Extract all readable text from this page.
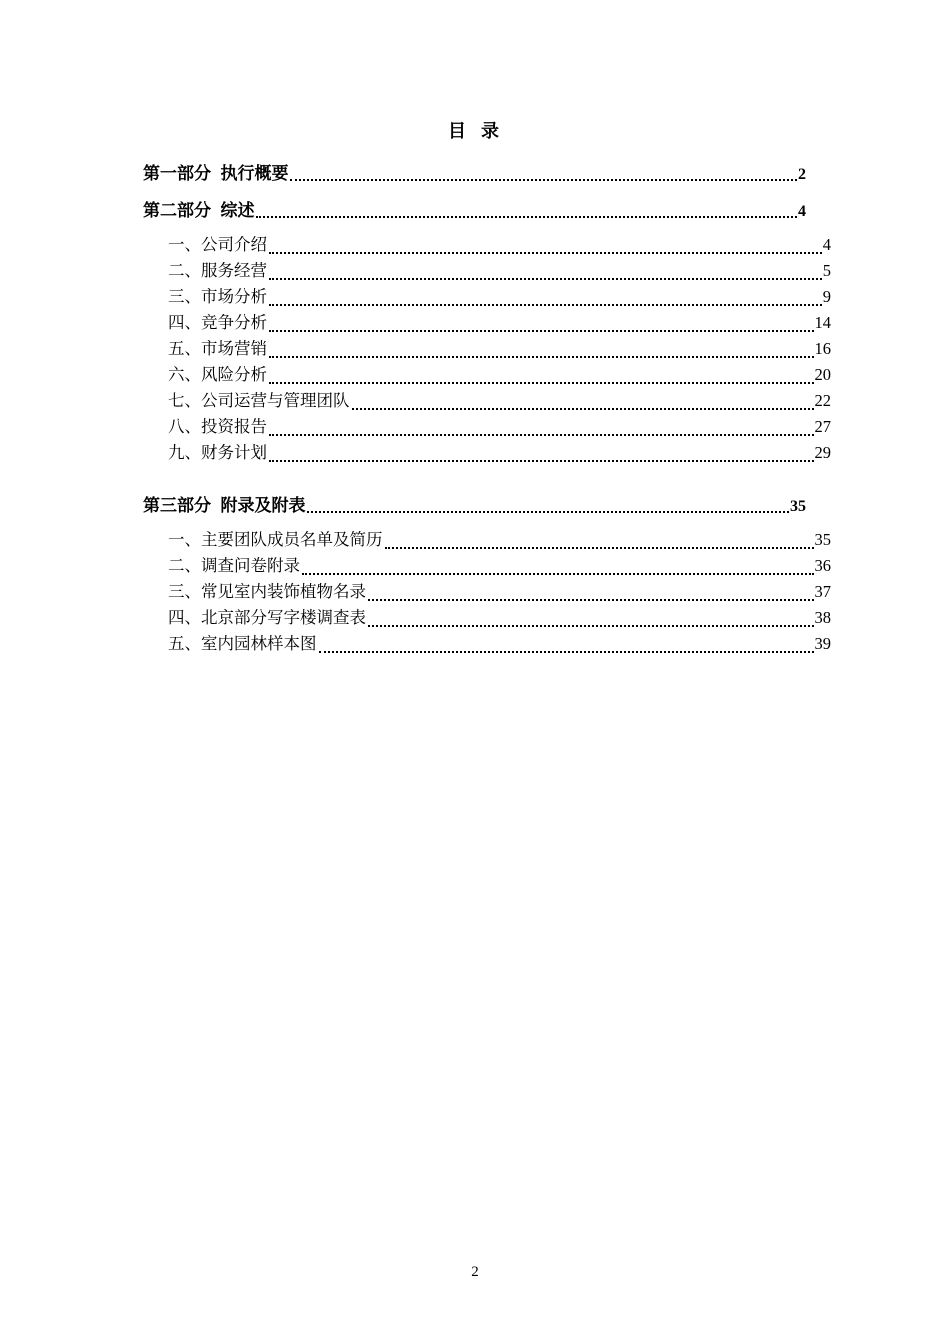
目  录
第一部分  执行概要	2
第二部分  综述	4
一、公司介绍	4
二、服务经营	5
三、市场分析	9
四、竞争分析	14
五、市场营销	16
六、风险分析	20
七、公司运营与管理团队	22
八、投资报告	27
九、财务计划	29
第三部分  附录及附表	35
一、主要团队成员名单及简历	35
二、调查问卷附录	36
三、常见室内装饰植物名录	37
四、北京部分写字楼调查表	38
五、室内园林样本图	39
2
